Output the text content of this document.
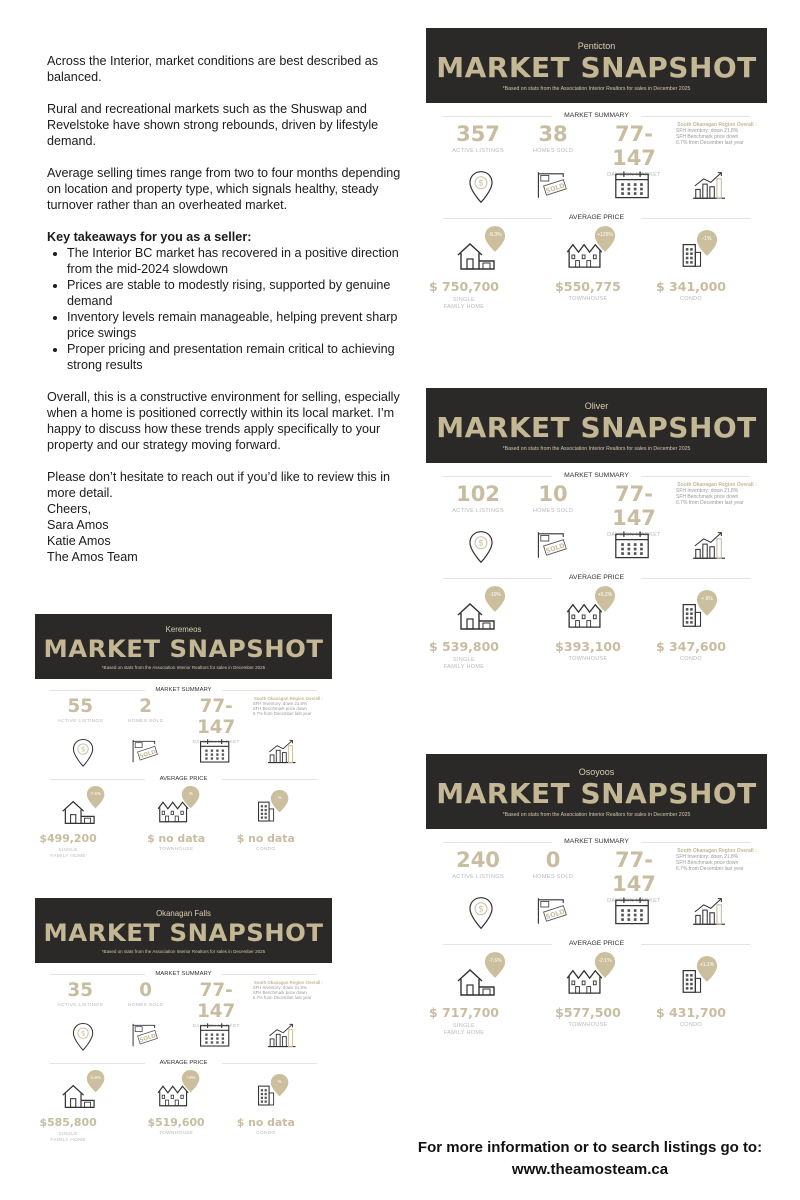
Across the Interior, market conditions are best described as balanced.

Rural and recreational markets such as the Shuswap and Revelstoke have shown strong rebounds, driven by lifestyle demand.

Average selling times range from two to four months depending on location and property type, which signals healthy, steady turnover rather than an overheated market.

Key takeaways for you as a seller:

• The Interior BC market has recovered in a positive direction from the mid-2024 slowdown
• Prices are stable to modestly rising, supported by genuine demand
• Inventory levels remain manageable, helping prevent sharp price swings
• Proper pricing and presentation remain critical to achieving strong results

Overall, this is a constructive environment for selling, especially when a home is positioned correctly within its local market. I’m happy to discuss how these trends apply specifically to your property and our strategy moving forward.

Please don’t hesitate to reach out if you’d like to review this in more detail.

Cheers,

Sara Amos

Katie Amos

The Amos Team

Penticton
MARKET SNAPSHOT
*Based on stats from the Association Interior Realtors for sales in December 2025
MARKET SUMMARY
357
ACTIVE LISTINGS
38
HOMES SOLD
77-147
DAYS ON MARKET
South Okanagan Region Overall :
SFH Inventory: down 21.8%
SFH Benchmark price down
6.7% from December last year
$	SOLD
AVERAGE PRICE
-8.3%	+125%
-1%
$ 750,700
SINGLE FAMILY HOME
$550,775
TOWNHOUSE
$ 341,000
CONDO
Oliver
MARKET SNAPSHOT
*Based on stats from the Association Interior Realtors for sales in December 2025
MARKET SUMMARY
102
ACTIVE LISTINGS
10
HOMES SOLD
77-147
DAYS ON MARKET
South Okanagan Region Overall :
SFH Inventory: down 21.8%
SFH Benchmark price down
6.7% from December last year
$	SOLD
AVERAGE PRICE
-10%	+5.2%
+ 6%
$ 539,800
SINGLE FAMILY HOME
$393,100
TOWNHOUSE
$ 347,600
CONDO
Keremeos
MARKET SNAPSHOT
*Based on stats from the Association Interior Realtors for sales in December 2025
MARKET SUMMARY
55
ACTIVE LISTINGS
2
HOMES SOLD
77-147
DAYS ON MARKET
South Okanagan Region Overall :
SFH Inventory: down 21.8%
SFH Benchmark price down
6.7% from December last year
$	SOLD
AVERAGE PRICE
-7.5%	%
%
$499,200
SINGLE FAMILY HOME
$ no data
TOWNHOUSE
$ no data
CONDO
Osoyoos
MARKET SNAPSHOT
*Based on stats from the Association Interior Realtors for sales in December 2025
MARKET SUMMARY
240
ACTIVE LISTINGS
0
HOMES SOLD
77-147
DAYS ON MARKET
South Okanagan Region Overall :
SFH Inventory: down 21.8%
SFH Benchmark price down
6.7% from December last year
$	SOLD
AVERAGE PRICE
-7.6%	-2.1%
+1.1%
$ 717,700
SINGLE FAMILY HOME
$577,500
TOWNHOUSE
$ 431,700
CONDO
Okanagan Falls
MARKET SNAPSHOT
*Based on stats from the Association Interior Realtors for sales in December 2025
MARKET SUMMARY
35
ACTIVE LISTINGS
0
HOMES SOLD
77-147
DAYS ON MARKET
South Okanagan Region Overall :
SFH Inventory: down 21.8%
SFH Benchmark price down
6.7% from December last year
$	SOLD
AVERAGE PRICE
-2.8%	+3%
%
$585,800
SINGLE FAMILY HOME
$519,600
TOWNHOUSE
$ no data
CONDO
For more information or to search listings go to:
www.theamosteam.ca
